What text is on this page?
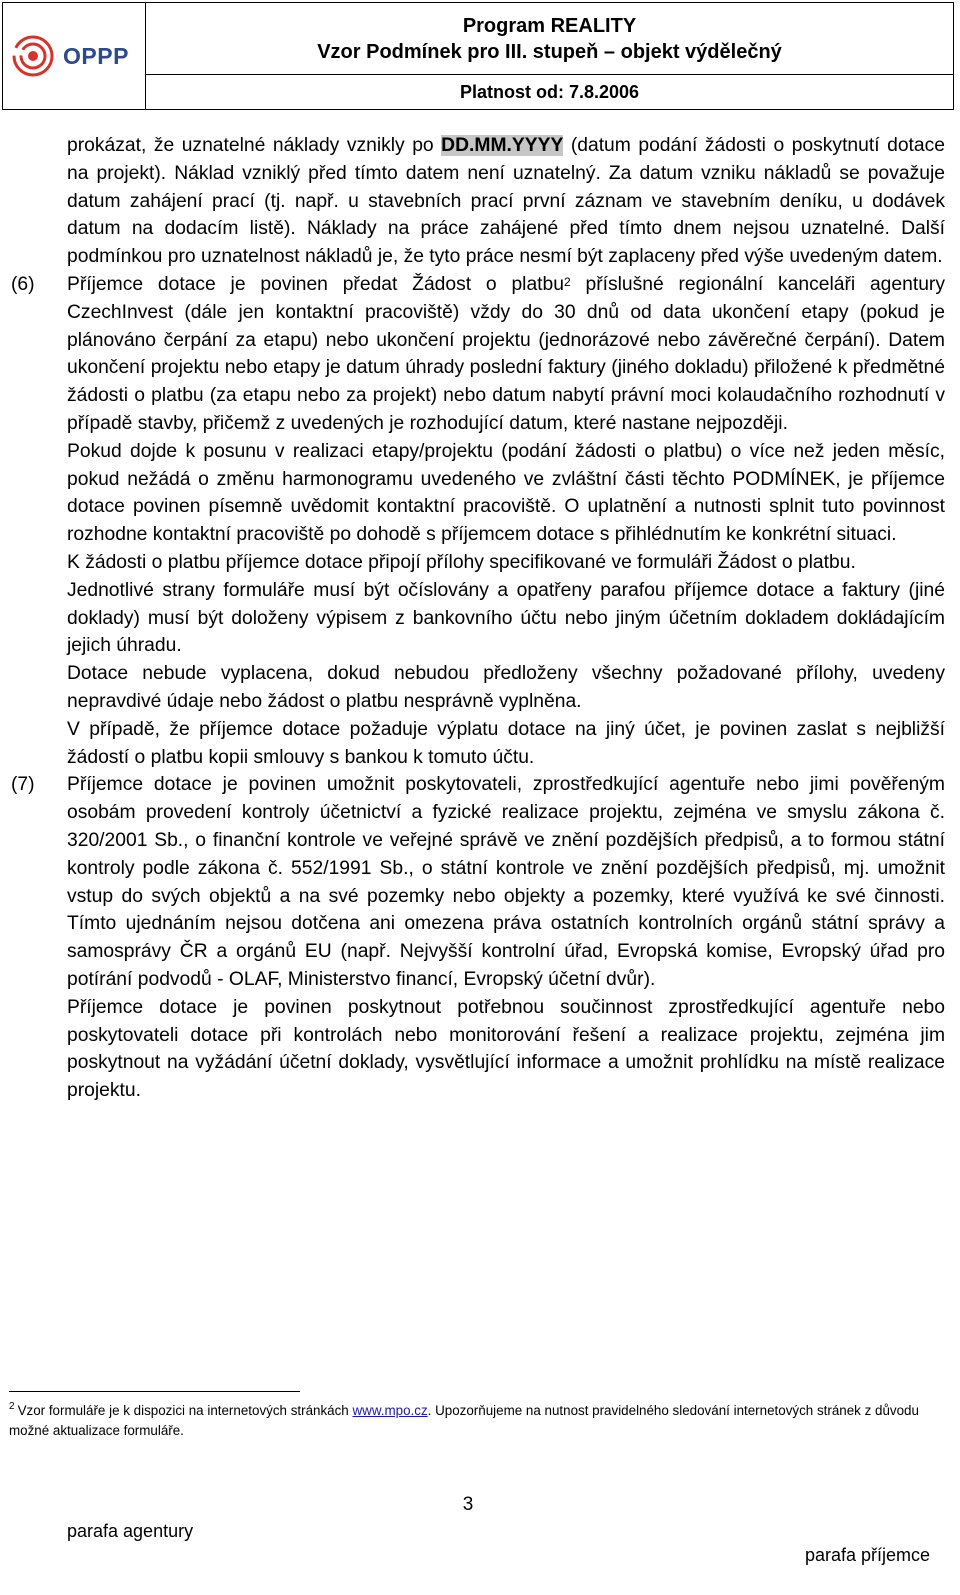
OPPP
Program REALITY
Vzor Podmínek pro III. stupeň – objekt výdělečný
Platnost od: 7.8.2006

prokázat, že uznatelné náklady vznikly po DD.MM.YYYY (datum podání žádosti o poskytnutí dotace na projekt). Náklad vzniklý před tímto datem není uznatelný. Za datum vzniku nákladů se považuje datum zahájení prací (tj. např. u stavebních prací první záznam ve stavebním deníku, u dodávek datum na dodacím listě). Náklady na práce zahájené před tímto dnem nejsou uznatelné. Další podmínkou pro uznatelnost nákladů je, že tyto práce nesmí být zaplaceny před výše uvedeným datem.

(6) Příjemce dotace je povinen předat Žádost o platbu$^2$ příslušné regionální kanceláři agentury CzechInvest (dále jen kontaktní pracoviště) vždy do 30 dnů od data ukončení etapy (pokud je plánováno čerpání za etapu) nebo ukončení projektu (jednorázové nebo závěrečné čerpání). Datem ukončení projektu nebo etapy je datum úhrady poslední faktury (jiného dokladu) přiložené k předmětné žádosti o platbu (za etapu nebo za projekt) nebo datum nabytí právní moci kolaudačního rozhodnutí v případě stavby, přičemž z uvedených je rozhodující datum, které nastane nejpozději.

Pokud dojde k posunu v realizaci etapy/projektu (podání žádosti o platbu) o více než jeden měsíc, pokud nežádá o změnu harmonogramu uvedeného ve zvláštní části těchto PODMÍNEK, je příjemce dotace povinen písemně uvědomit kontaktní pracoviště. O uplatnění a nutnosti splnit tuto povinnost rozhodne kontaktní pracoviště po dohodě s příjemcem dotace s přihlédnutím ke konkrétní situaci.

K žádosti o platbu příjemce dotace připojí přílohy specifikované ve formuláři Žádost o platbu.

Jednotlivé strany formuláře musí být očíslovány a opatřeny parafou příjemce dotace a faktury (jiné doklady) musí být doloženy výpisem z bankovního účtu nebo jiným účetním dokladem dokládajícím jejich úhradu.

Dotace nebude vyplacena, dokud nebudou předloženy všechny požadované přílohy, uvedeny nepravdivé údaje nebo žádost o platbu nesprávně vyplněna.

V případě, že příjemce dotace požaduje výplatu dotace na jiný účet, je povinen zaslat s nejbližší žádostí o platbu kopii smlouvy s bankou k tomuto účtu.

(7) Příjemce dotace je povinen umožnit poskytovateli, zprostředkující agentuře nebo jimi pověřeným osobám provedení kontroly účetnictví a fyzické realizace projektu, zejména ve smyslu zákona č. 320/2001 Sb., o finanční kontrole ve veřejné správě ve znění pozdějších předpisů, a to formou státní kontroly podle zákona č. 552/1991 Sb., o státní kontrole ve znění pozdějších předpisů, mj. umožnit vstup do svých objektů a na své pozemky nebo objekty a pozemky, které využívá ke své činnosti. Tímto ujednáním nejsou dotčena ani omezena práva ostatních kontrolních orgánů státní správy a samosprávy ČR a orgánů EU (např. Nejvyšší kontrolní úřad, Evropská komise, Evropský úřad pro potírání podvodů - OLAF, Ministerstvo financí, Evropský účetní dvůr).

Příjemce dotace je povinen poskytnout potřebnou součinnost zprostředkující agentuře nebo poskytovateli dotace při kontrolách nebo monitorování řešení a realizace projektu, zejména jim poskytnout na vyžádání účetní doklady, vysvětlující informace a umožnit prohlídku na místě realizace projektu.

$^2$ Vzor formuláře je k dispozici na internetových stránkách www.mpo.cz. Upozorňujeme na nutnost pravidelného sledování internetových stránek z důvodu možné aktualizace formuláře.
3
parafa agentury
parafa příjemce
